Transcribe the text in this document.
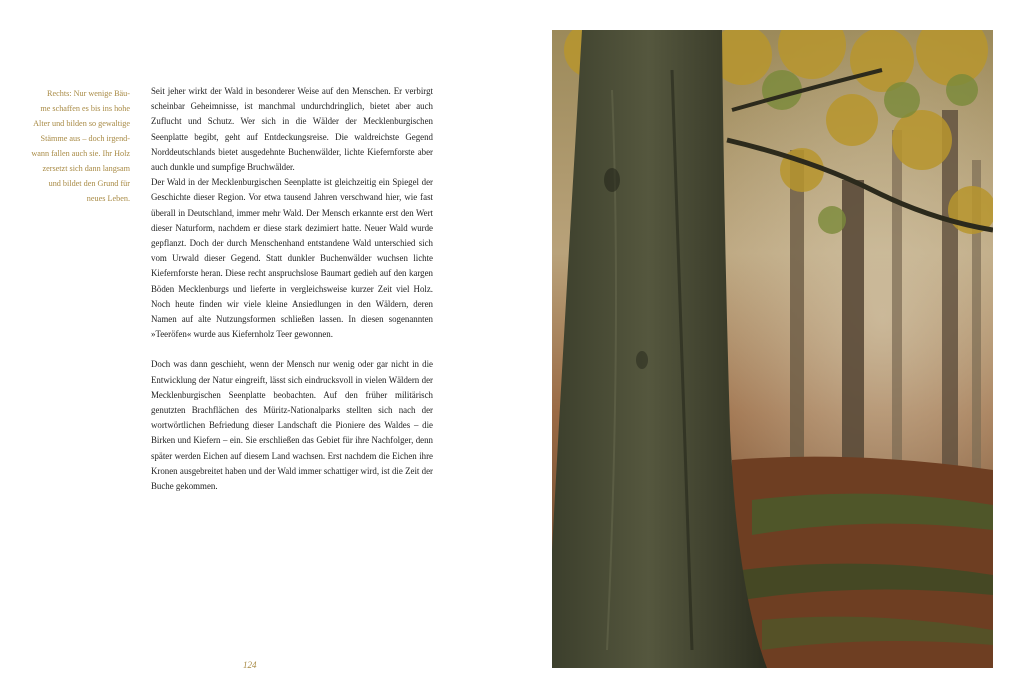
Rechts: Nur wenige Bäu-
me schaffen es bis ins hohe
Alter und bilden so gewaltige
Stämme aus – doch irgend-
wann fallen auch sie. Ihr Holz
zersetzt sich dann langsam
und bildet den Grund für
neues Leben.

Seit jeher wirkt der Wald in besonderer Weise auf den Menschen. Er verbirgt scheinbar Geheimnisse, ist manchmal undurchdringlich, bietet aber auch Zuflucht und Schutz. Wer sich in die Wälder der Mecklenburgischen Seenplatte begibt, geht auf Entdeckungsreise. Die waldreichste Gegend Norddeutschlands bietet ausgedehnte Buchenwälder, lichte Kiefernforste aber auch dunkle und sumpfige Bruchwälder.

Der Wald in der Mecklenburgischen Seenplatte ist gleichzeitig ein Spiegel der Geschichte dieser Region. Vor etwa tausend Jahren verschwand hier, wie fast überall in Deutschland, immer mehr Wald. Der Mensch erkannte erst den Wert dieser Naturform, nachdem er diese stark dezimiert hatte. Neuer Wald wurde gepflanzt. Doch der durch Menschenhand entstandene Wald unterschied sich vom Urwald dieser Gegend. Statt dunkler Buchenwälder wuchsen lichte Kiefernforste heran. Diese recht anspruchslose Baumart gedieh auf den kargen Böden Mecklenburgs und lieferte in vergleichsweise kurzer Zeit viel Holz. Noch heute finden wir viele kleine Ansiedlungen in den Wäldern, deren Namen auf alte Nutzungsformen schließen lassen. In diesen sogenannten »Teeröfen« wurde aus Kiefernholz Teer gewonnen.

Doch was dann geschieht, wenn der Mensch nur wenig oder gar nicht in die Entwicklung der Natur eingreift, lässt sich eindrucksvoll in vielen Wäldern der Mecklenburgischen Seenplatte beobachten. Auf den früher militärisch genutzten Brachflächen des Müritz-Nationalparks stellten sich nach der wortwörtlichen Befriedung dieser Landschaft die Pioniere des Waldes – die Birken und Kiefern – ein. Sie erschließen das Gebiet für ihre Nachfolger, denn später werden Eichen auf diesem Land wachsen. Erst nachdem die Eichen ihre Kronen ausgebreitet haben und der Wald immer schattiger wird, ist die Zeit der Buche gekommen.

124
